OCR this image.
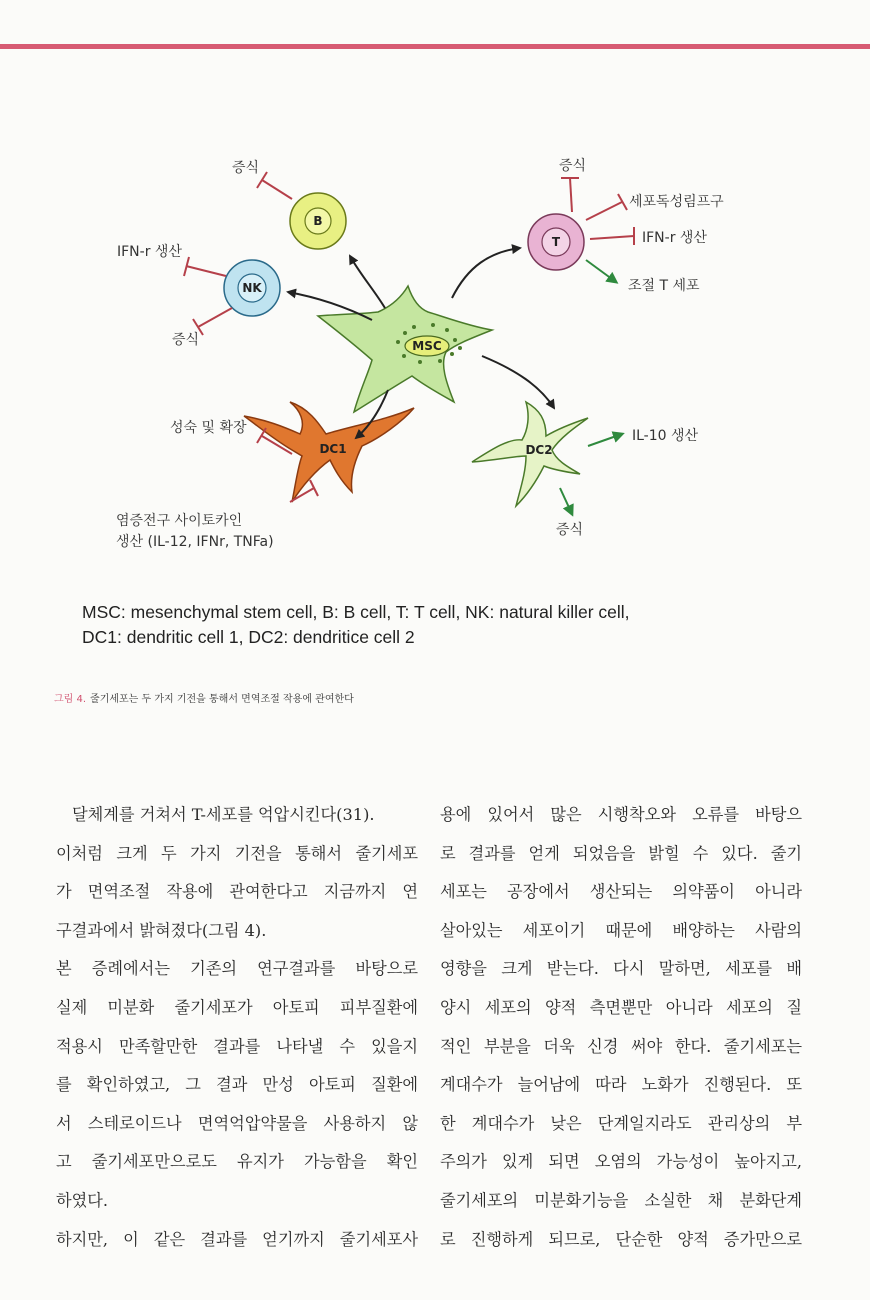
MSC
B
NK
T
DC1	DC2
증식
IFN-r 생산
증식
증식
세포독성림프구
IFN-r 생산
조절 T 세포
성숙 및 확장
염증전구 사이토카인
생산 (IL-12, IFNr, TNFa)
IL-10 생산
증식
MSC: mesenchymal stem cell, B: B cell, T: T cell, NK: natural killer cell,
DC1: dendritic cell 1, DC2: dendritice cell 2
그림 4. 줄기세포는 두 가지 기전을 통해서 면역조절 작용에 관여한다
달체계를 거쳐서 T-세포를 억압시킨다(31).
이처럼 크게 두 가지 기전을 통해서 줄기세포
가 면역조절 작용에 관여한다고 지금까지 연
구결과에서 밝혀졌다(그림 4).
본 증례에서는 기존의 연구결과를 바탕으로
실제 미분화 줄기세포가 아토피 피부질환에
적용시 만족할만한 결과를 나타낼 수 있을지
를 확인하였고, 그 결과 만성 아토피 질환에
서 스테로이드나 면역억압약물을 사용하지 않
고 줄기세포만으로도 유지가 가능함을 확인
하였다.
하지만, 이 같은 결과를 얻기까지 줄기세포사
용에 있어서 많은 시행착오와 오류를 바탕으
로 결과를 얻게 되었음을 밝힐 수 있다. 줄기
세포는 공장에서 생산되는 의약품이 아니라
살아있는 세포이기 때문에 배양하는 사람의
영향을 크게 받는다. 다시 말하면, 세포를 배
양시 세포의 양적 측면뿐만 아니라 세포의 질
적인 부분을 더욱 신경 써야 한다. 줄기세포는
계대수가 늘어남에 따라 노화가 진행된다. 또
한 계대수가 낮은 단계일지라도 관리상의 부
주의가 있게 되면 오염의 가능성이 높아지고,
줄기세포의 미분화기능을 소실한 채 분화단계
로 진행하게 되므로, 단순한 양적 증가만으로
